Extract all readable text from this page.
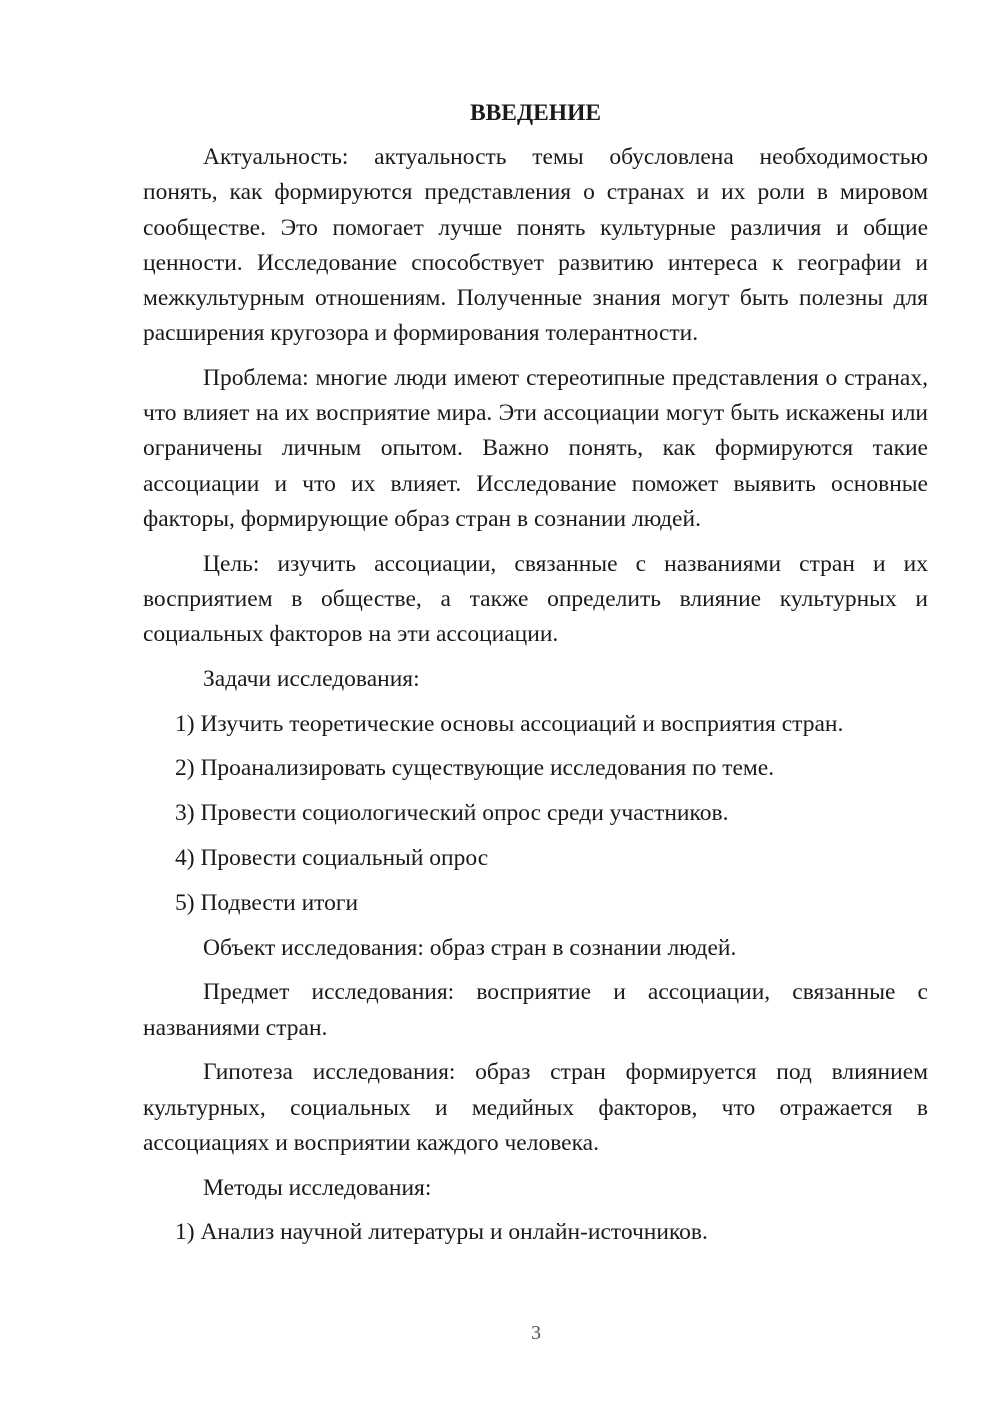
ВВЕДЕНИЕ

Актуальность: актуальность темы обусловлена необходимостью понять, как формируются представления о странах и их роли в мировом сообществе. Это помогает лучше понять культурные различия и общие ценности. Исследование способствует развитию интереса к географии и межкультурным отношениям. Полученные знания могут быть полезны для расширения кругозора и формирования толерантности.

Проблема: многие люди имеют стереотипные представления о странах, что влияет на их восприятие мира. Эти ассоциации могут быть искажены или ограничены личным опытом. Важно понять, как формируются такие ассоциации и что их влияет. Исследование поможет выявить основные факторы, формирующие образ стран в сознании людей.

Цель: изучить ассоциации, связанные с названиями стран и их восприятием в обществе, а также определить влияние культурных и социальных факторов на эти ассоциации.

Задачи исследования:

1) Изучить теоретические основы ассоциаций и восприятия стран.

2) Проанализировать существующие исследования по теме.

3) Провести социологический опрос среди участников.

4) Провести социальный опрос

5) Подвести итоги

Объект исследования: образ стран в сознании людей.

Предмет исследования: восприятие и ассоциации, связанные с названиями стран.

Гипотеза исследования: образ стран формируется под влиянием культурных, социальных и медийных факторов, что отражается в ассоциациях и восприятии каждого человека.

Методы исследования:

1) Анализ научной литературы и онлайн-источников.

3
